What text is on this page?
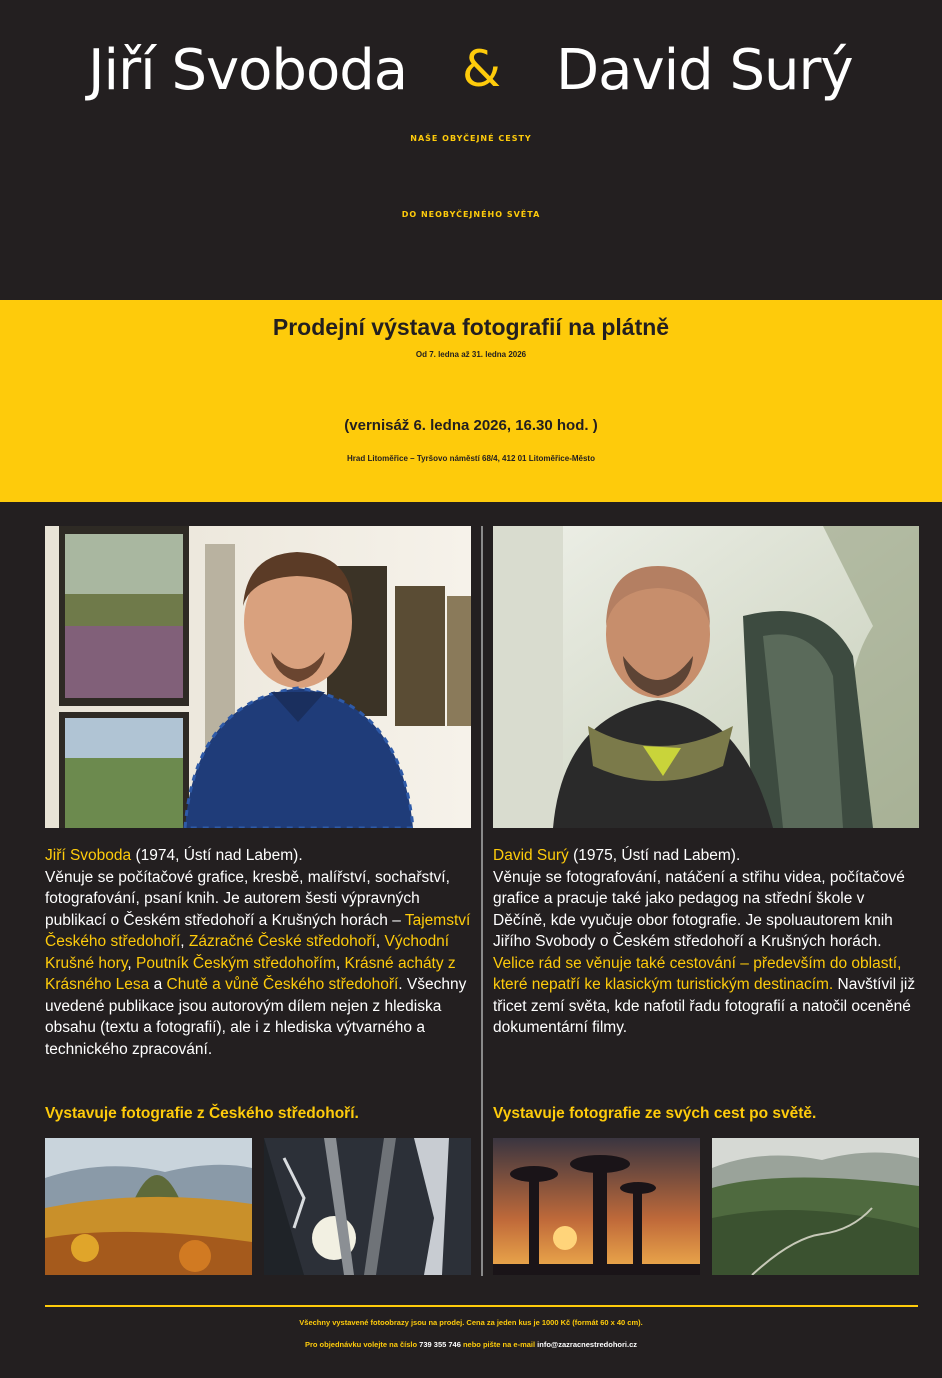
Jiří Svoboda & David Surý
NAŠE OBYČEJNÉ CESTY
DO NEOBYČEJNÉHO SVĚTA
Prodejní výstava fotografií na plátně
Od 7. ledna až 31. ledna 2026
(vernisáž 6. ledna 2026, 16.30 hod. )
Hrad Litoměřice – Tyršovo náměstí 68/4, 412 01 Litoměřice-Město
Jiří Svoboda (1974, Ústí nad Labem).
Věnuje se počítačové grafice, kresbě, malířství, sochařství, fotografování, psaní knih. Je autorem šesti výpravných publikací o Českém středohoří a Krušných horách – Tajemství Českého středohoří, Zázračné České středohoří, Východní Krušné hory, Poutník Českým středohořím, Krásné acháty z Krásného Lesa a Chutě a vůně Českého středohoří. Všechny uvedené publikace jsou autorovým dílem nejen z hlediska obsahu (textu a fotografií), ale i z hlediska výtvarného a technického zpracování.
David Surý (1975, Ústí nad Labem).
Věnuje se fotografování, natáčení a střihu videa, počítačové grafice a pracuje také jako pedagog na střední škole v Děčíně, kde vyučuje obor fotografie. Je spoluautorem knih Jiřího Svobody o Českém středohoří a Krušných horách.
Velice rád se věnuje také cestování – především do oblastí, které nepatří ke klasickým turistickým destinacím. Navštívil již třicet zemí světa, kde nafotil řadu fotografií a natočil oceněné dokumentární filmy.
Vystavuje fotografie z Českého středohoří.	Vystavuje fotografie ze svých cest po světě.
Všechny vystavené fotoobrazy jsou na prodej. Cena za jeden kus je 1000 Kč (formát 60 x 40 cm).
Pro objednávku volejte na číslo 739 355 746 nebo pište na e-mail info@zazracnestredohori.cz
